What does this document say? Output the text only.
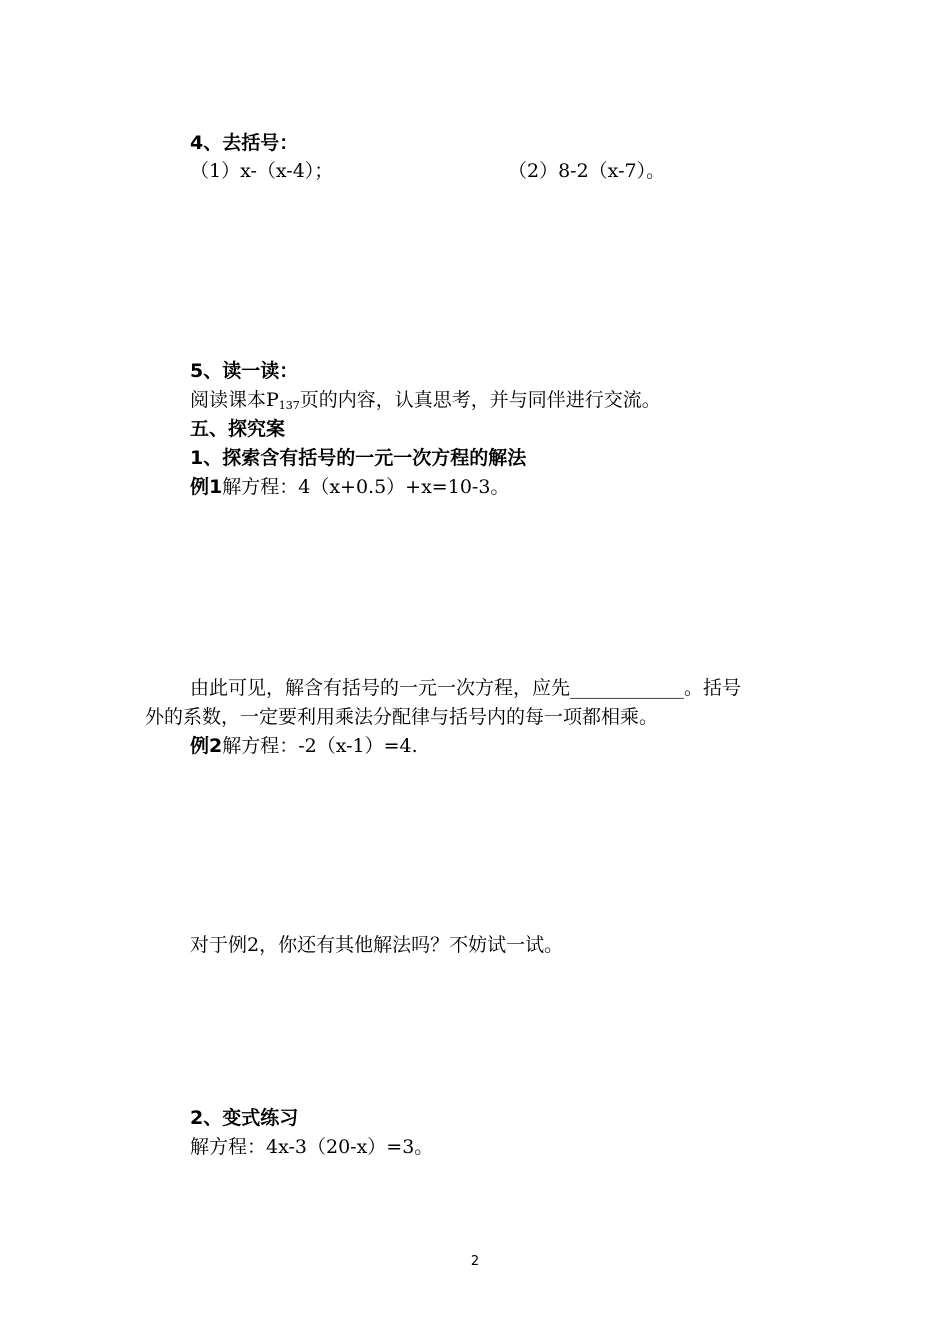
4、去括号：
（1）x-（x-4）；	（2）8-2（x-7）。
5、读一读：
阅读课本$P_{137}$页的内容，认真思考，并与同伴进行交流。
五、探究案
1、探索含有括号的一元一次方程的解法
例1解方程：4（x+0.5）+x=10-3。
由此可见，解含有括号的一元一次方程，应先____________。括号
外的系数，一定要利用乘法分配律与括号内的每一项都相乘。
例2解方程：-2（x-1）=4.
对于例2，你还有其他解法吗？不妨试一试。
2、变式练习
解方程：4x-3（20-x）=3。
2
